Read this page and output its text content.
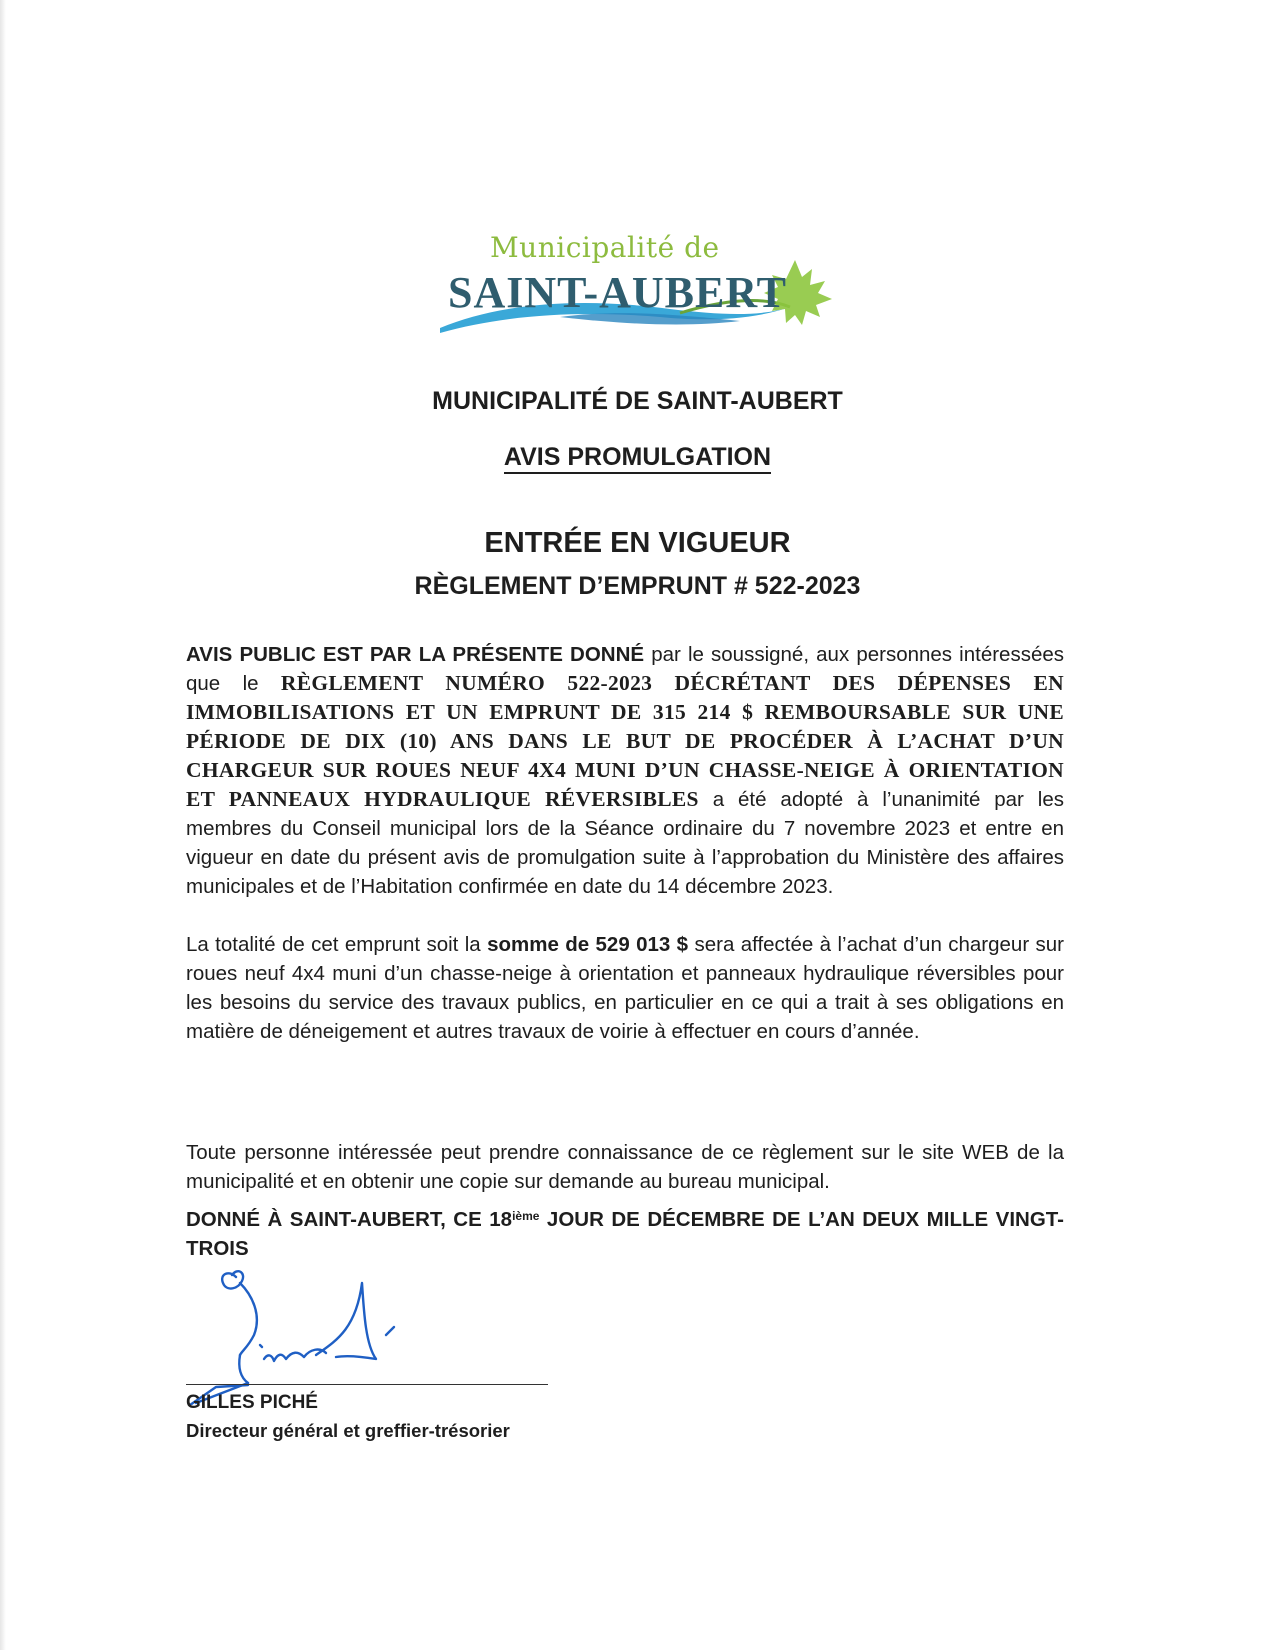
Municipalité de
SAINT-AUBERT
MUNICIPALITÉ DE SAINT-AUBERT
AVIS PROMULGATION
ENTRÉE EN VIGUEUR
RÈGLEMENT D’EMPRUNT # 522-2023
AVIS PUBLIC EST PAR LA PRÉSENTE DONNÉ par le soussigné, aux personnes intéressées que le RÈGLEMENT NUMÉRO 522-2023 DÉCRÉTANT DES DÉPENSES EN IMMOBILISATIONS ET UN EMPRUNT DE 315 214 $ REMBOURSABLE SUR UNE PÉRIODE DE DIX (10) ANS DANS LE BUT DE PROCÉDER À L’ACHAT D’UN CHARGEUR SUR ROUES NEUF 4X4 MUNI D’UN CHASSE-NEIGE À ORIENTATION ET PANNEAUX HYDRAULIQUE RÉVERSIBLES a été adopté à l’unanimité par les membres du Conseil municipal lors de la Séance ordinaire du 7 novembre 2023 et entre en vigueur en date du présent avis de promulgation suite à l’approbation du Ministère des affaires municipales et de l’Habitation confirmée en date du 14 décembre 2023.
La totalité de cet emprunt soit la somme de 529 013 $ sera affectée à l’achat d’un chargeur sur roues neuf 4x4 muni d’un chasse-neige à orientation et panneaux hydraulique réversibles pour les besoins du service des travaux publics, en particulier en ce qui a trait à ses obligations en matière de déneigement et autres travaux de voirie à effectuer en cours d’année.
Toute personne intéressée peut prendre connaissance de ce règlement sur le site WEB de la municipalité et en obtenir une copie sur demande au bureau municipal.
DONNÉ À SAINT-AUBERT, CE 18ième JOUR DE DÉCEMBRE DE L’AN DEUX MILLE VINGT-TROIS
GILLES PICHÉ
Directeur général et greffier-trésorier
